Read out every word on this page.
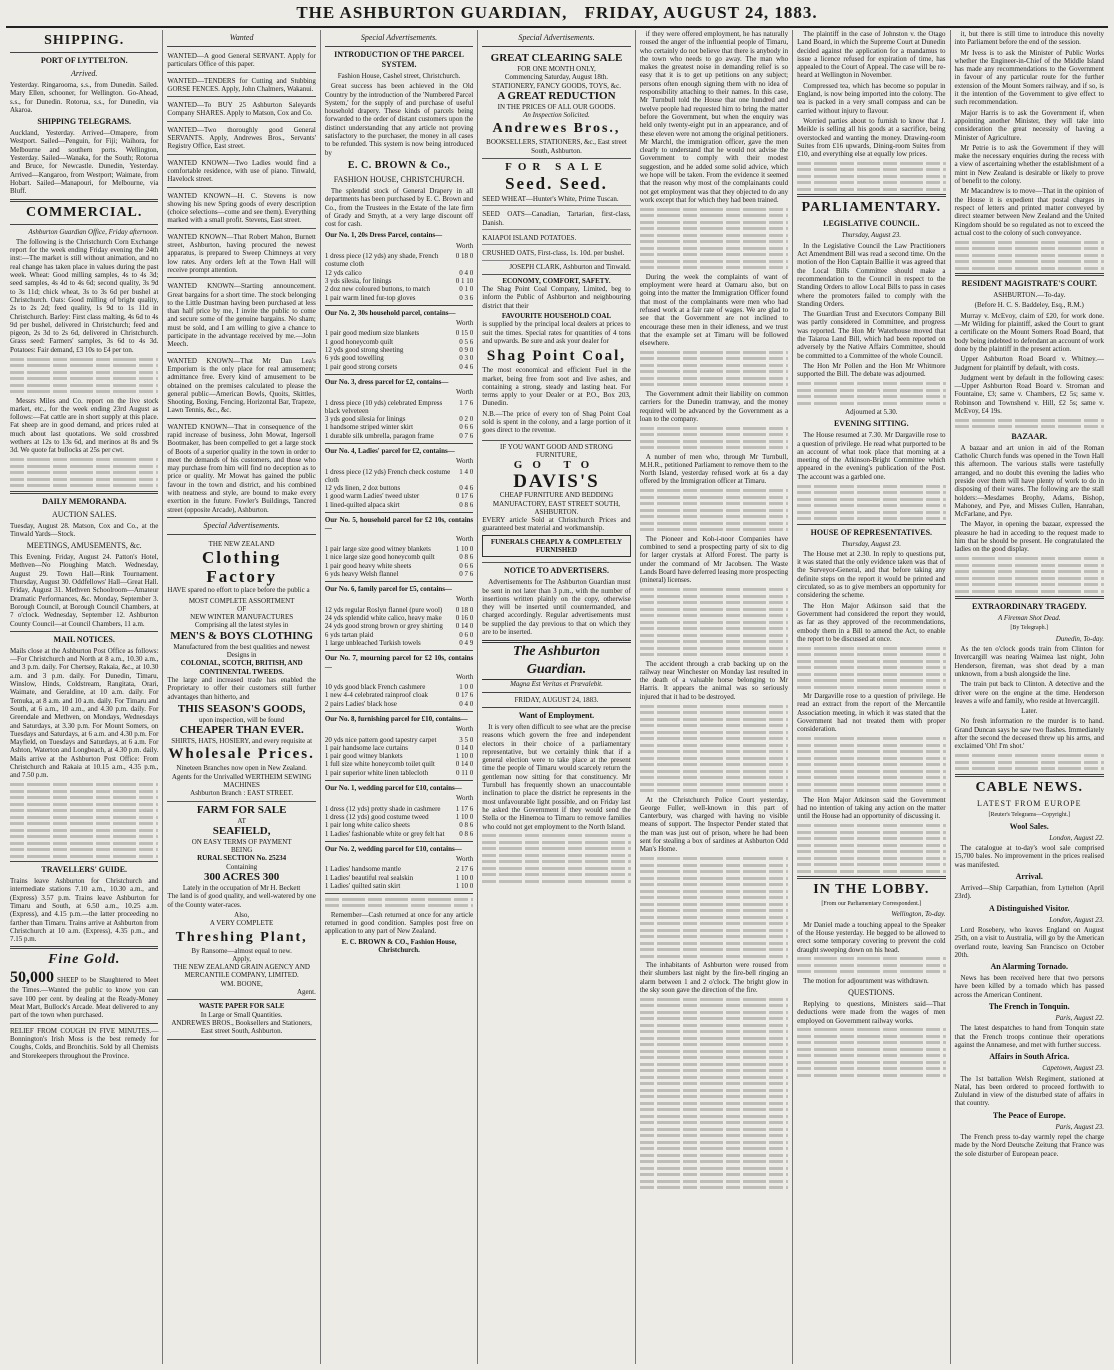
THE ASHBURTON GUARDIAN, FRIDAY, AUGUST 24, 1883.
SHIPPING.
PORT OF LYTTELTON.
Arrived.
Yesterday. Ringarooma, s.s., from Dunedin. Sailed. Mary Ellen, schooner, for Wellington. Go-Ahead, s.s., for Dunedin. Rotorua, s.s., for Dunedin, via Akaroa.
SHIPPING TELEGRAMS.
Auckland, Yesterday. Arrived—Omapere, from Westport. Sailed—Penguin, for Fiji; Waihora, for Melbourne and southern ports. Wellington, Yesterday. Sailed—Wanaka, for the South; Rotorua and Bruce, for Newcastle. Dunedin, Yesterday. Arrived—Kangaroo, from Westport; Waimate, from Hobart. Sailed—Manapouri, for Melbourne, via Bluff.
COMMERCIAL.
Ashburton Guardian Office, Friday afternoon.

The following is the Christchurch Corn Exchange report for the week ending Friday evening the 24th inst:—The market is still without animation, and no real change has taken place in values during the past week. Wheat: Good milling samples, 4s to 4s 3d; seed samples, 4s 4d to 4s 6d; second quality, 3s 9d to 3s 11d; chick wheat, 3s to 3s 6d per bushel at Christchurch. Oats: Good milling of bright quality, 2s to 2s 2d; feed quality, 1s 9d to 1s 11d in Christchurch. Barley: First class malting, 4s 6d to 4s 9d per bushel, delivered in Christchurch; feed and pigeon, 2s 3d to 2s 6d, delivered in Christchurch. Grass seed: Farmers' samples, 3s 6d to 4s 3d. Potatoes: Fair demand, £3 10s to £4 per ton.

Messrs Miles and Co. report on the live stock market, etc., for the week ending 23rd August as follows:—Fat cattle are in short supply at this place. Fat sheep are in good demand, and prices ruled at much about last quotations. We sold crossbred wethers at 12s to 13s 6d, and merinos at 8s and 9s 3d. We quote fat bullocks at 25s per cwt.

DAILY MEMORANDA.
AUCTION SALES.
Tuesday, August 28. Matson, Cox and Co., at the Tinwald Yards—Stock.
MEETINGS, AMUSEMENTS, &c.
This Evening. Friday, August 24. Patton's Hotel, Methven—No Ploughing Match. Wednesday, August 29. Town Hall—Rink Tournament. Thursday, August 30. Oddfellows' Hall—Great Hall. Friday, August 31. Methven Schoolroom—Amateur Dramatic Performances, &c. Monday, September 3. Borough Council, at Borough Council Chambers, at 7 o'clock. Wednesday, September 12. Ashburton County Council—at Council Chambers, 11 a.m.
MAIL NOTICES.
Mails close at the Ashburton Post Office as follows:—For Christchurch and North at 8 a.m., 10.30 a.m., and 3 p.m. daily. For Chertsey, Rakaia, &c., at 10.30 a.m. and 3 p.m. daily. For Dunedin, Timaru, Winslow, Hinds, Coldstream, Rangitata, Orari, Waimate, and Geraldine, at 10 a.m. daily. For Temuka, at 8 a.m. and 10 a.m. daily. For Timaru and South, at 6 a.m., 10 a.m., and 4.30 p.m. daily. For Greendale and Methven, on Mondays, Wednesdays and Saturdays, at 3.30 p.m. For Mount Somers, on Tuesdays and Saturdays, at 6 a.m. and 4.30 p.m. For Mayfield, on Tuesdays and Saturdays, at 6 a.m. For Ashton, Waterton and Longbeach, at 4.30 p.m. daily. Mails arrive at the Ashburton Post Office: From Christchurch and Rakaia at 10.15 a.m., 4.35 p.m., and 7.50 p.m.
TRAVELLERS' GUIDE.
Trains leave Ashburton for Christchurch and intermediate stations 7.10 a.m., 10.30 a.m., and (Express) 3.57 p.m. Trains leave Ashburton for Timaru and South, at 6.50 a.m., 10.25 a.m. (Express), and 4.15 p.m.—the latter proceeding no farther than Timaru. Trains arrive at Ashburton from Christchurch at 10 a.m. (Express), 4.35 p.m., and 7.15 p.m.
Fine Gold.
50,000 SHEEP to be Slaughtered to Meet the Times.—Wanted the public to know you can save 100 per cent. by dealing at the Ready-Money Meat Mart, Bullock's Arcade. Meat delivered to any part of the town when purchased.
RELIEF FROM COUGH IN FIVE MINUTES.—Bonnington's Irish Moss is the best remedy for Coughs, Colds, and Bronchitis. Sold by all Chemists and Storekeepers throughout the Province.
Wanted
WANTED—A good General SERVANT. Apply for particulars Office of this paper.
WANTED—TENDERS for Cutting and Stubbing GORSE FENCES. Apply, John Chalmers, Wakanui.
WANTED—To BUY 25 Ashburton Saleyards Company SHARES. Apply to Matson, Cox and Co.
WANTED—Two thoroughly good General SERVANTS. Apply, Andrewes Bros., Servants' Registry Office, East street.
WANTED KNOWN—Two Ladies would find a comfortable residence, with use of piano. Tinwald, Havelock street.
WANTED KNOWN—H. C. Stevens is now showing his new Spring goods of every description (choice selections—come and see them). Everything marked with a small profit. Stevens, East street.
WANTED KNOWN—That Robert Mahon, Burnett street, Ashburton, having procured the newest apparatus, is prepared to Sweep Chimneys at very low rates. Any orders left at the Town Hall will receive prompt attention.
WANTED KNOWN—Starting announcement. Great bargains for a short time. The stock belonging to the Little Dustman having been purchased at less than half price by me, I invite the public to come and secure some of the genuine bargains. No sham; must be sold, and I am willing to give a chance to participate in the advantage received by me.—John Meech.
WANTED KNOWN—That Mr Dan Lea's Emporium is the only place for real amusement; admittance free. Every kind of amusement to be obtained on the premises calculated to please the general public—American Bowls, Quoits, Skittles, Shooting, Boxing, Fencing, Horizontal Bar, Trapeze, Lawn Tennis, &c., &c.
WANTED KNOWN—That in consequence of the rapid increase of business, John Mowat, Ingersoll Bootmaker, has been compelled to get a large stock of Boots of a superior quality in the town in order to meet the demands of his customers, and those who may purchase from him will find no deception as to price or quality. Mr Mowat has gained the public favour in the town and district, and his combined with neatness and style, are bound to make every exertion in the future. Fowler's Buildings, Tancred street (opposite Arcade), Ashburton.
Special Advertisements.
THE NEW ZEALAND
Clothing Factory
HAVE spared no effort to place before the public a
MOST COMPLETE ASSORTMENT
OF
NEW WINTER MANUFACTURES
Comprising all the latest styles in
MEN'S & BOYS CLOTHING
Manufactured from the best qualities and newest Designs in
COLONIAL, SCOTCH, BRITISH, AND CONTINENTAL TWEEDS.
The large and increased trade has enabled the Proprietary to offer their customers still further advantages than hitherto, and
THIS SEASON'S GOODS,
upon inspection, will be found
CHEAPER THAN EVER.
SHIRTS, HATS, HOSIERY, and every requisite at
Wholesale Prices.
Nineteen Branches now open in New Zealand.
Agents for the Unrivalled WERTHEIM SEWING MACHINES
Ashburton Branch : EAST STREET.
FARM FOR SALE
AT
SEAFIELD,
ON EASY TERMS OF PAYMENT
BEING
RURAL SECTION No. 25234
Containing
300 ACRES 300
Lately in the occupation of Mr H. Beckett
The land is of good quality, and well-watered by one of the County water-races.
Also,
A VERY COMPLETE
Threshing Plant,
By Ransome—almost equal to new.
Apply,
THE NEW ZEALAND GRAIN AGENCY AND MERCANTILE COMPANY, LIMITED.
WM. BOONE,
Agent.
WASTE PAPER FOR SALE
In Large or Small Quantities.
ANDREWES BROS., Booksellers and Stationers, East street South, Ashburton.
Special Advertisements.
INTRODUCTION OF THE PARCEL SYSTEM.
Fashion House, Cashel street, Christchurch.

Great success has been achieved in the Old Country by the introduction of the 'Numbered Parcel System,' for the supply of and purchase of useful household drapery. These kinds of parcels being forwarded to the order of distant customers upon the distinct understanding that any article not proving satisfactory to the purchaser, the money in all cases to be refunded. This system is now being introduced by

E. C. BROWN & Co.,
FASHION HOUSE, CHRISTCHURCH.

The splendid stock of General Drapery in all departments has been purchased by E. C. Brown and Co., from the Trustees in the Estate of the late firm of Grady and Smyth, at a very large discount off cost for cash.

Our No. 1, 20s Dress Parcel, contains—
Worth
1 dress piece (12 yds) any shade, French costume cloth
0 18 0
12 yds calico	0 4 0
3 yds silesia, for linings	0 1 10
2 doz new coloured buttons, to match	0 1 0
1 pair warm lined fur-top gloves	0 3 6
Our No. 2, 30s household parcel, contains—
Worth
1 pair good medium size blankets	0 15 0
1 good honeycomb quilt	0 5 6
12 yds good strong sheeting	0 9 0
6 yds good towelling	0 3 0
1 pair good strong corsets	0 4 6
Our No. 3, dress parcel for £2, contains—
Worth
1 dress piece (10 yds) celebrated Empress black velveteen
1 7 6
3 yds good silesia for linings	0 2 0
1 handsome striped winter skirt	0 6 6
1 durable silk umbrella, paragon frame	0 7 6
Our No. 4, Ladies' parcel for £2, contains—
Worth
1 dress piece (12 yds) French check costume cloth
1 4 0
12 yds linen, 2 doz buttons	0 4 6
1 good warm Ladies' tweed ulster	0 17 6
1 lined-quilted alpaca skirt	0 8 6
Our No. 5, household parcel for £2 10s, contains—
Worth
1 pair large size good witney blankets	1 10 0
1 nice large size good honeycomb quilt	0 8 6
1 pair good heavy white sheets	0 6 6
6 yds heavy Welsh flannel	0 7 6
Our No. 6, family parcel for £5, contains—
Worth
12 yds regular Roslyn flannel (pure wool) 0 18 0
24 yds splendid white calico, heavy make 0 16 0
24 yds good strong brown or grey shirting 0 14 0
6 yds tartan plaid	0 6 0
1 large unbleached Turkish towels	0 4 9
Our No. 7, mourning parcel for £2 10s, contains—
Worth
10 yds good black French cashmere	1 0 0
1 new 4-4 celebrated rainproof cloak	0 17 6
2 pairs Ladies' black hose	0 4 0
Our No. 8, furnishing parcel for £10, contains—
Worth
20 yds nice pattern good tapestry carpet	3 5 0
1 pair handsome lace curtains	0 14 0
1 pair good witney blankets	1 10 0
1 full size white honeycomb toilet quilt	0 14 0
1 pair superior white linen tablecloth	0 11 0
Our No. 1, wedding parcel for £10, contains—
Worth
1 dress (12 yds) pretty shade in cashmere 1 17 6
1 dress (12 yds) good costume tweed	1 10 0
1 pair long white calico sheets	0 8 6
1 Ladies' fashionable white or grey felt hat 0 8 6
Our No. 2, wedding parcel for £10, contains—
Worth
1 Ladies' handsome mantle	2 17 6
1 Ladies' beautiful real sealskin	1 10 0
1 Ladies' quilted satin skirt	1 10 0

Remember—Cash returned at once for any article returned in good condition. Samples post free on application to any part of New Zealand.

E. C. BROWN & CO., Fashion House, Christchurch.
Special Advertisements.
GREAT CLEARING SALE
FOR ONE MONTH ONLY,
Commencing Saturday, August 18th.
STATIONERY, FANCY GOODS, TOYS, &c.
A GREAT REDUCTION
IN THE PRICES OF ALL OUR GOODS.
An Inspection Solicited.
Andrewes Bros.,
BOOKSELLERS, STATIONERS, &c., East street South, Ashburton.
FOR SALE
Seed. Seed.
SEED WHEAT—Hunter's White, Prime Tuscan.
SEED OATS—Canadian, Tartarian, first-class, Danish.
KAIAPOI ISLAND POTATOES.
CRUSHED OATS, First-class, 1s. 10d. per bushel.
JOSEPH CLARK, Ashburton and Tinwald.
ECONOMY, COMFORT, SAFETY.
The Shag Point Coal Company, Limited, beg to inform the Public of Ashburton and neighbouring district that their
FAVOURITE HOUSEHOLD COAL
is supplied by the principal local dealers at prices to suit the times. Special rates for quantities of 4 tons and upwards. Be sure and ask your dealer for
Shag Point Coal,
The most economical and efficient Fuel in the market, being free from soot and live ashes, and containing a strong, steady and lasting heat. For terms apply to your Dealer or at P.O., Box 203, Dunedin.
N.B.—The price of every ton of Shag Point Coal sold is spent in the colony, and a large portion of it goes direct to the revenue.
IF YOU WANT GOOD AND STRONG FURNITURE,
GO TO
DAVIS'S
CHEAP FURNITURE AND BEDDING MANUFACTORY, EAST STREET SOUTH, ASHBURTON.
EVERY article Sold at Christchurch Prices and guaranteed best material and workmanship.
FUNERALS CHEAPLY & COMPLETELY FURNISHED
NOTICE TO ADVERTISERS.

Advertisements for The Ashburton Guardian must be sent in not later than 3 p.m., with the number of insertions written plainly on the copy, otherwise they will be inserted until countermanded, and charged accordingly. Regular advertisements must be supplied the day previous to that on which they are to be inserted.

The Ashburton Guardian.
Magna Est Veritas et Prævalebit.
FRIDAY, AUGUST 24, 1883.
Want of Employment.

It is very often difficult to see what are the precise reasons which govern the free and independent electors in their choice of a parliamentary representative, but we certainly think that if a general election were to take place at the present time the people of Timaru would scarcely return the gentleman now sitting for that constituency. Mr Turnbull has frequently shown an unaccountable inclination to place the district he represents in the most unfavourable light possible, and on Friday last he asked the Government if they would send the Stella or the Hinemoa to Timaru to remove families who could not get employment to the North Island.

if they were offered employment, he has naturally roused the anger of the influential people of Timaru, who certainly do not believe that there is anybody in the town who needs to go away. The man who makes the greatest noise in demanding relief is so easy that it is to get up petitions on any subject; persons often enough signing them with no idea of responsibility attaching to their names. In this case, Mr Turnbull told the House that one hundred and twelve people had requested him to bring the matter before the Government, but when the enquiry was held only twenty-eight put in an appearance, and of these eleven were not among the original petitioners. Mr Marchl, the immigration officer, gave the men clearly to understand that he would not advise the Government to comply with their modest suggestion, and he added some solid advice, which we hope will be taken. From the evidence it seemed that the reason why most of the complainants could not get employment was that they objected to do any work except that for which they had been trained.

During the week the complaints of want of employment were heard at Oamaru also, but on going into the matter the Immigration Officer found that most of the complainants were men who had refused work at a fair rate of wages. We are glad to see that the Government are not inclined to encourage these men in their idleness, and we trust that the example set at Timaru will be followed elsewhere.

The Government admit their liability on common carriers for the Dunedin tramway, and the money required will be advanced by the Government as a loan to the company.

A number of men who, through Mr Turnbull, M.H.R., petitioned Parliament to remove them to the North Island, yesterday refused work at 6s a day offered by the Immigration officer at Timaru.

The Pioneer and Koh-i-noor Companies have combined to send a prospecting party of six to dig for larger crystals at Alford Forest. The party is under the command of Mr Jacobsen. The Waste Lands Board have deferred leasing more prospecting (mineral) licenses.

The accident through a crab backing up on the railway near Winchester on Monday last resulted in the death of a valuable horse belonging to Mr Harris. It appears the animal was so seriously injured that it had to be destroyed.

At the Christchurch Police Court yesterday, George Fuller, well-known in this part of Canterbury, was charged with having no visible means of support. The Inspector Pender stated that the man was just out of prison, where he had been sent for stealing a box of sardines at Ashburton Odd Man's Home.

The inhabitants of Ashburton were roused from their slumbers last night by the fire-bell ringing an alarm between 1 and 2 o'clock. The bright glow in the sky soon gave the direction of the fire.

The plaintiff in the case of Johnston v. the Otago Land Board, in which the Supreme Court at Dunedin decided against the application for a mandamus to issue a licence refused for expiration of time, has appealed to the Court of Appeal. The case will be re-heard at Wellington in November.

Compressed tea, which has become so popular in England, is now being imported into the colony. The tea is packed in a very small compass and can be carried without injury to flavour.

Worried parties about to furnish to know that J. Meikle is selling all his goods at a sacrifice, being overstocked and wanting the money. Drawing-room Suites from £16 upwards, Dining-room Suites from £10, and everything else at equally low prices.

PARLIAMENTARY.
LEGISLATIVE COUNCIL.
Thursday, August 23.

In the Legislative Council the Law Practitioners Act Amendment Bill was read a second time. On the motion of the Hon Captain Baillie it was agreed that the Local Bills Committee should make a recommendation to the Council in respect to the Standing Orders to allow Local Bills to pass in cases where the promoters failed to comply with the Standing Orders.

The Guardian Trust and Executors Company Bill was partly considered in Committee, and progress was reported. The Hon Mr Waterhouse moved that the Taiaroa Land Bill, which had been reported on adversely by the Native Affairs Committee, should be committed to a Committee of the whole Council.

The Hon Mr Pollen and the Hon Mr Whitmore supported the Bill. The debate was adjourned.

Adjourned at 5.30.
EVENING SITTING.

The House resumed at 7.30. Mr Dargaville rose to a question of privilege. He read what purported to be an account of what took place that morning at a meeting of the Atkinson-Bright Committee which appeared in the evening's publication of the Post. The account was a garbled one.

HOUSE OF REPRESENTATIVES.
Thursday, August 23.

The House met at 2.30. In reply to questions put, it was stated that the only evidence taken was that of the Surveyor-General, and that before taking any definite steps on the report it would be printed and circulated, so as to give members an opportunity for considering the scheme.

The Hon Major Atkinson said that the Government had considered the report they would, as far as they approved of the recommendations, embody them in a Bill to amend the Act, to enable the report to be discussed at once.

Mr Dargaville rose to a question of privilege. He read an extract from the report of the Mercantile Association meeting, in which it was stated that the Government had not treated them with proper consideration.

The Hon Major Atkinson said the Government had no intention of taking any action on the matter until the House had an opportunity of discussing it.

IN THE LOBBY.
[From our Parliamentary Correspondent.]
Wellington, To-day.

Mr Daniel made a touching appeal to the Speaker of the House yesterday. He begged to be allowed to erect some temporary covering to prevent the cold draught sweeping down on his head.

The motion for adjournment was withdrawn.

QUESTIONS.

Replying to questions, Ministers said—That deductions were made from the wages of men employed on Government railway works.

it, but there is still time to introduce this novelty into Parliament before the end of the session.

Mr Ivess is to ask the Minister of Public Works whether the Engineer-in-Chief of the Middle Island has made any recommendations to the Government in favour of any particular route for the further extension of the Mount Somers railway, and if so, is it the intention of the Government to give effect to such recommendation.

Major Harris is to ask the Government if, when appointing another Minister, they will take into consideration the great necessity of having a Minister of Agriculture.

Mr Petrie is to ask the Government if they will make the necessary enquiries during the recess with a view of ascertaining whether the establishment of a mint in New Zealand is desirable or likely to prove of benefit to the colony.

Mr Macandrew is to move—That in the opinion of the House it is expedient that postal charges in respect of letters and printed matter conveyed by direct steamer between New Zealand and the United Kingdom should be so regulated as not to exceed the actual cost to the colony of such conveyance.

RESIDENT MAGISTRATE'S COURT.
ASHBURTON.—To-day.
(Before H. C. S. Baddeley, Esq., R.M.)

Murray v. McEvoy, claim of £20, for work done.—Mr Wilding for plaintiff, asked the Court to grant a certificate on the Mount Somers Road Board, that body being indebted to defendant an account of work done by the plaintiff in the present action.

Upper Ashburton Road Board v. Whitney.—Judgment for plaintiff by default, with costs.

Judgment went by default in the following cases:—Upper Ashburton Road Board v. Stroman and Fountaine, £3; same v. Chambers, £2 5s; same v. Robinson and Townshend v. Hill, £2 5s; same v. McEvoy, £4 19s.

BAZAAR.

A bazaar and art union in aid of the Roman Catholic Church funds was opened in the Town Hall this afternoon. The various stalls were tastefully arranged, and no doubt this evening the ladies who preside over them will have plenty of work to do in disposing of their wares. The following are the stall holders:—Mesdames Brophy, Adams, Bishop, Mahoney, and Pye, and Misses Cullen, Hanrahan, McFarlane, and Pye.

The Mayor, in opening the bazaar, expressed the pleasure he had in acceding to the request made to him that he should be present. He congratulated the ladies on the good display.

EXTRAORDINARY TRAGEDY.
A Fireman Shot Dead.
[By Telegraph.]
Dunedin, To-day.

As the ten o'clock goods train from Clinton for Invercargill was nearing Waimea last night, John Henderson, fireman, was shot dead by a man unknown, from a bush alongside the line.

The train put back to Clinton. A detective and the driver were on the engine at the time. Henderson leaves a wife and family, who reside at Invercargill.

Later.

No fresh information re the murder is to hand. Grand Duncan says he saw two flashes. Immediately after the second the deceased threw up his arms, and exclaimed 'Oh! I'm shot.'

CABLE NEWS.
LATEST FROM EUROPE
[Reuter's Telegrams—Copyright.]
Wool Sales.
London, August 22.

The catalogue at to-day's wool sale comprised 15,700 bales. No improvement in the prices realised was manifested.

Arrival.

Arrived—Ship Carpathian, from Lyttelton (April 23rd).

A Distinguished Visitor.
London, August 23.

Lord Rosebery, who leaves England on August 25th, on a visit to Australia, will go by the American overland route, leaving San Francisco on October 20th.

An Alarming Tornado.

News has been received here that two persons have been killed by a tornado which has passed across the American Continent.

The French in Tonquin.
Paris, August 22.

The latest despatches to hand from Tonquin state that the French troops continue their operations against the Annamese, and met with further success.

Affairs in South Africa.
Capetown, August 23.

The 1st battalion Welsh Regiment, stationed at Natal, has been ordered to proceed forthwith to Zululand in view of the disturbed state of affairs in that country.

The Peace of Europe.
Paris, August 23.

The French press to-day warmly repel the charge made by the Nord Deutsche Zeitung that France was the sole disturber of European peace.
